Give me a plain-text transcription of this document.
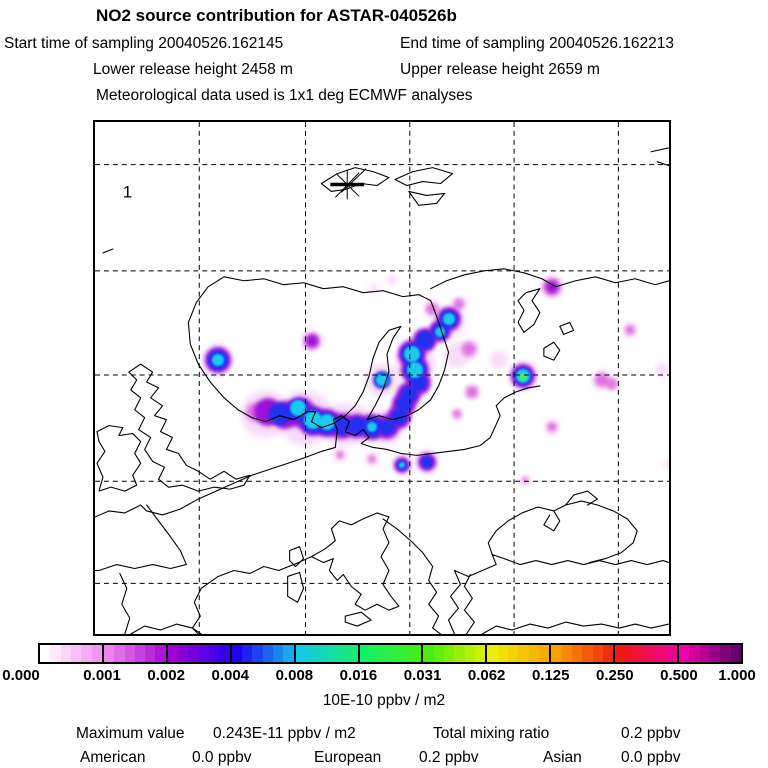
NO2 source contribution for ASTAR-040526b
Start time of sampling 20040526.162145	End time of sampling 20040526.162213
Lower release height 2458 m	Upper release height 2659 m
Meteorological data used is 1x1 deg ECMWF analyses
1
0.000	0.001 0.002 0.004 0.008 0.016 0.031 0.062 0.125 0.250 0.500 1.000
10E-10 ppbv / m2
Maximum value 0.243E-11 ppbv / m2	Total mixing ratio	0.2 ppbv
American	0.0 ppbv	European 0.2 ppbv	Asian	0.0 ppbv
